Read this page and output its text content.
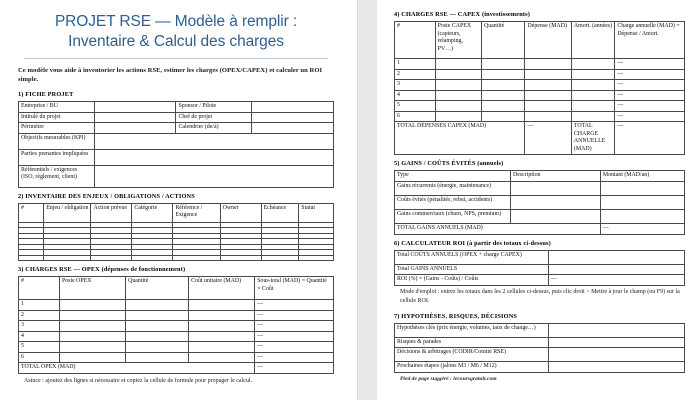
PROJET RSE — Modèle à remplir :
Inventaire & Calcul des charges

Ce modèle vous aide à inventorier les actions RSE, estimer les charges (OPEX/CAPEX) et calculer un ROI simple.

1) FICHE PROJET
Entreprise / BU		Sponsor / Pilote	
Intitulé du projet		Chef de projet	
Périmètre		Calendrier (de/à)	
Objectifs mesurables (KPI)			
Parties prenantes impliquées			
Référentiels / exigences (ISO, règlement, client)			
2) INVENTAIRE DES ENJEUX / OBLIGATIONS / ACTIONS
#	Enjeu / obligation	Action prévue	Catégorie	Référence / Exigence	Owner	Échéance	Statut

3) CHARGES RSE — OPEX (dépenses de fonctionnement)
#	Poste OPEX	Quantité	Coût unitaire (MAD)	Sous-total (MAD) = Quantité × Coût
1				—
2				—
3				—
4				—
5				—
6				—
TOTAL OPEX (MAD)				—

Astuce : ajoutez des lignes si nécessaire et copiez la cellule de formule pour propager le calcul.

4) CHARGES RSE — CAPEX (investissements)
#	Poste CAPEX (capteurs, relamping, PV…)	Quantité	Dépense (MAD)	Amort. (années)	Charge annuelle (MAD) = Dépense / Amort.
1					—
2					—
3					—
4					—
5					—
6					—
TOTAL DÉPENSES CAPEX (MAD)			—	TOTAL CHARGE ANNUELLE (MAD)	—
5) GAINS / COÛTS ÉVITÉS (annuels)
Type	Description	Montant (MAD/an)
Gains récurrents (énergie, maintenance)		
Coûts évités (pénalités, rebut, accidents)		
Gains commerciaux (churn, NPS, premium)		
TOTAL GAINS ANNUELS (MAD)		—
6) CALCULATEUR ROI (à partir des totaux ci-dessus)
Total COÛTS ANNUELS (OPEX + charge CAPEX)	
Total GAINS ANNUELS	
ROI (%) = (Gains - Coûts) / Coûts	—

Mode d'emploi : entrez les totaux dans les 2 cellules ci-dessus, puis clic droit > Mettre à jour le champ (ou F9) sur la cellule ROI.

7) HYPOTHÈSES, RISQUES, DÉCISIONS
Hypothèses clés (prix énergie, volumes, taux de change…)	
Risques & parades	
Décisions & arbitrages (CODIR/Comité RSE)	
Prochaines étapes (jalons M3 / M6 / M12)	

Pied de page suggéré : lecoursgratuit.com
